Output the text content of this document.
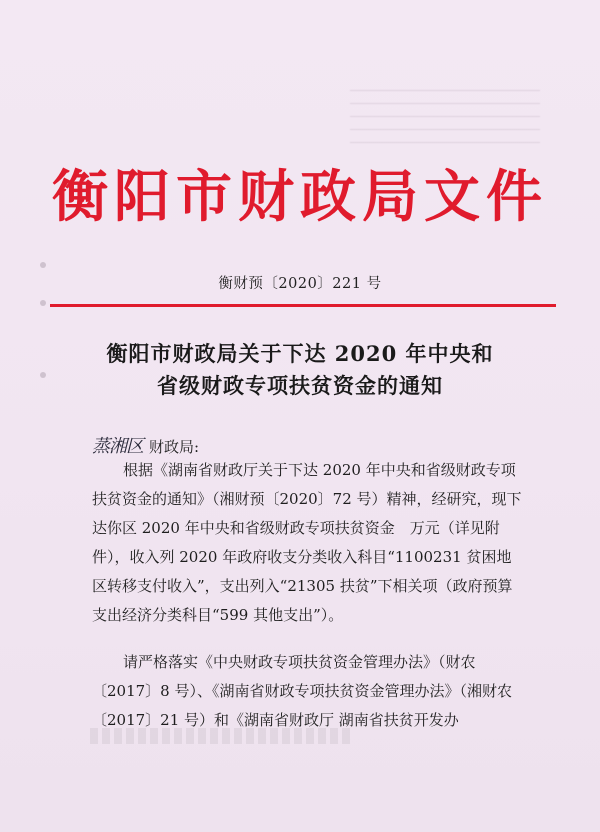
衡阳市财政局文件
衡财预〔2020〕221 号
衡阳市财政局关于下达 2020 年中央和
省级财政专项扶贫资金的通知
蒸湘区 财政局:

根据《湖南省财政厅关于下达 2020 年中央和省级财政专项扶贫资金的通知》（湘财预〔2020〕72 号）精神，经研究，现下达你区 2020 年中央和省级财政专项扶贫资金　万元（详见附件），收入列 2020 年政府收支分类收入科目“1100231 贫困地区转移支付收入”，支出列入“21305 扶贫”下相关项（政府预算支出经济分类科目“599 其他支出”）。

请严格落实《中央财政专项扶贫资金管理办法》（财农〔2017〕8 号）、《湖南省财政专项扶贫资金管理办法》（湘财农〔2017〕21 号）和《湖南省财政厅 湖南省扶贫开发办
